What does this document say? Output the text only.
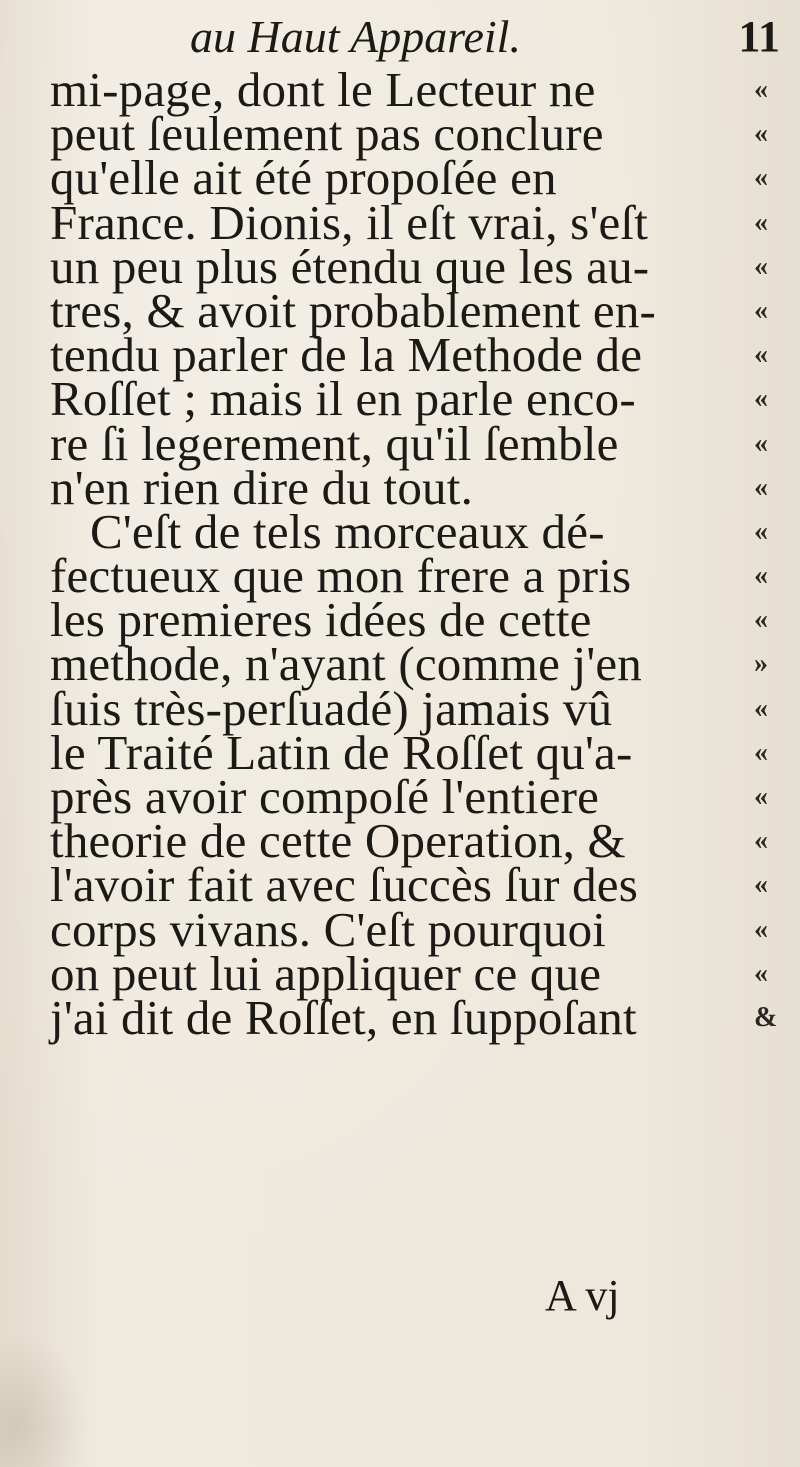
au Haut Appareil.	11
mi-page, dont le Lecteur ne	«
peut ſeulement pas conclure	«
qu'elle ait été propoſée en	«
France. Dionis, il eſt vrai, s'eſt	«
un peu plus étendu que les au-	«
tres, & avoit probablement en-	«
tendu parler de la Methode de	«
Roſſet ; mais il en parle enco-	«
re ſi legerement, qu'il ſemble	«
n'en rien dire du tout.	«
C'eſt de tels morceaux dé-	«
fectueux que mon frere a pris	«
les premieres idées de cette	«
methode, n'ayant (comme j'en	»
ſuis très-perſuadé) jamais vû	«
le Traité Latin de Roſſet qu'a-	«
près avoir compoſé l'entiere	«
theorie de cette Operation, &	«
l'avoir fait avec ſuccès ſur des	«
corps vivans. C'eſt pourquoi	«
on peut lui appliquer ce que	«
j'ai dit de Roſſet, en ſuppoſant	&
A vj
